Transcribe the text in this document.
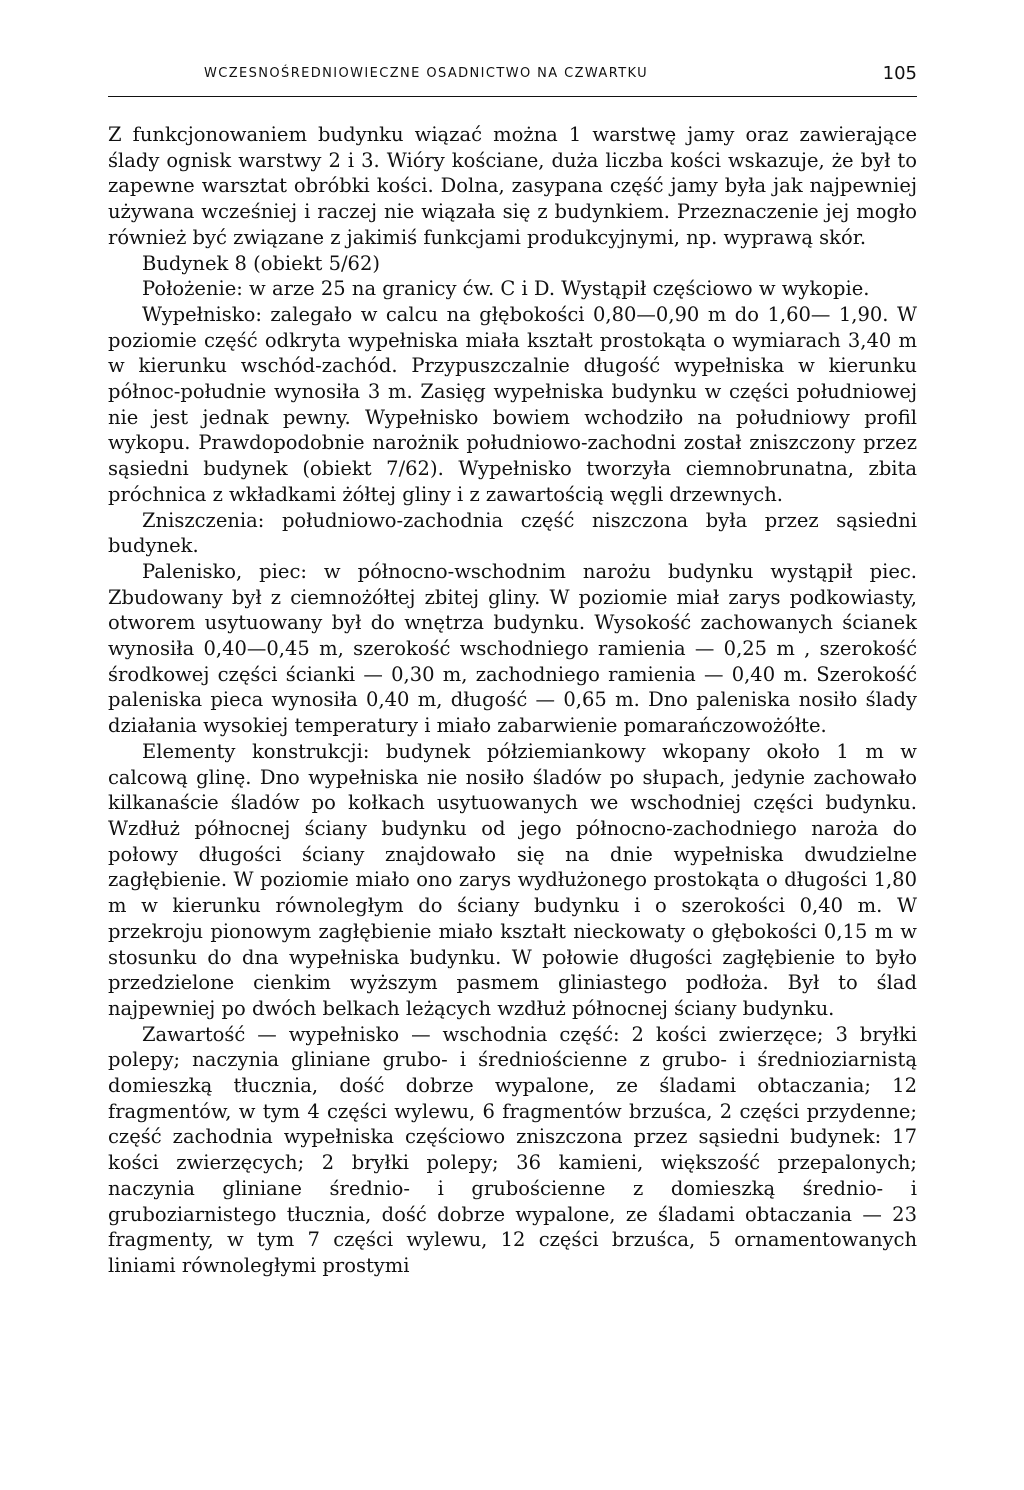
WCZESNOŚREDNIOWIECZNE OSADNICTWO NA CZWARTKU	105

Z funkcjonowaniem budynku wiązać można 1 warstwę jamy oraz zawierające ślady ognisk warstwy 2 i 3. Wióry kościane, duża liczba kości wskazuje, że był to zapewne warsztat obróbki kości. Dolna, zasypana część jamy była jak najpewniej używana wcześniej i raczej nie wiązała się z budynkiem. Przeznaczenie jej mogło również być związane z jakimiś funkcjami produkcyjnymi, np. wyprawą skór.

Budynek 8 (obiekt 5/62)

Położenie: w arze 25 na granicy ćw. C i D. Wystąpił częściowo w wykopie.

Wypełnisko: zalegało w calcu na głębokości 0,80—0,90 m do 1,60— 1,90. W poziomie część odkryta wypełniska miała kształt prostokąta o wymiarach 3,40 m w kierunku wschód-zachód. Przypuszczalnie długość wypełniska w kierunku północ-południe wynosiła 3 m. Zasięg wypełniska budynku w części południowej nie jest jednak pewny. Wypełnisko bowiem wchodziło na południowy profil wykopu. Prawdopodobnie narożnik południowo-zachodni został zniszczony przez sąsiedni budynek (obiekt 7/62). Wypełnisko tworzyła ciemnobrunatna, zbita próchnica z wkładkami żółtej gliny i z zawartością węgli drzewnych.

Zniszczenia: południowo-zachodnia część niszczona była przez sąsiedni budynek.

Palenisko, piec: w północno-wschodnim narożu budynku wystąpił piec. Zbudowany był z ciemnożółtej zbitej gliny. W poziomie miał zarys podkowiasty, otworem usytuowany był do wnętrza budynku. Wysokość zachowanych ścianek wynosiła 0,40—0,45 m, szerokość wschodniego ramienia — 0,25 m , szerokość środkowej części ścianki — 0,30 m, zachodniego ramienia — 0,40 m. Szerokość paleniska pieca wynosiła 0,40 m, długość — 0,65 m. Dno paleniska nosiło ślady działania wysokiej temperatury i miało zabarwienie pomarańczowożółte.

Elementy konstrukcji: budynek półziemiankowy wkopany około 1 m w calcową glinę. Dno wypełniska nie nosiło śladów po słupach, jedynie zachowało kilkanaście śladów po kołkach usytuowanych we wschodniej części budynku. Wzdłuż północnej ściany budynku od jego północno-zachodniego naroża do połowy długości ściany znajdowało się na dnie wypełniska dwudzielne zagłębienie. W poziomie miało ono zarys wydłużonego prostokąta o długości 1,80 m w kierunku równoległym do ściany budynku i o szerokości 0,40 m. W przekroju pionowym zagłębienie miało kształt nieckowaty o głębokości 0,15 m w stosunku do dna wypełniska budynku. W połowie długości zagłębienie to było przedzielone cienkim wyższym pasmem gliniastego podłoża. Był to ślad najpewniej po dwóch belkach leżących wzdłuż północnej ściany budynku.

Zawartość — wypełnisko — wschodnia część: 2 kości zwierzęce; 3 bryłki polepy; naczynia gliniane grubo- i średniościenne z grubo- i średnioziarnistą domieszką tłucznia, dość dobrze wypalone, ze śladami obtaczania; 12 fragmentów, w tym 4 części wylewu, 6 fragmentów brzuśca, 2 części przydenne; część zachodnia wypełniska częściowo zniszczona przez sąsiedni budynek: 17 kości zwierzęcych; 2 bryłki polepy; 36 kamieni, większość przepalonych; naczynia gliniane średnio- i grubościenne z domieszką średnio- i gruboziarnistego tłucznia, dość dobrze wypalone, ze śladami obtaczania — 23 fragmenty, w tym 7 części wylewu, 12 części brzuśca, 5 ornamentowanych liniami równoległymi prostymi
